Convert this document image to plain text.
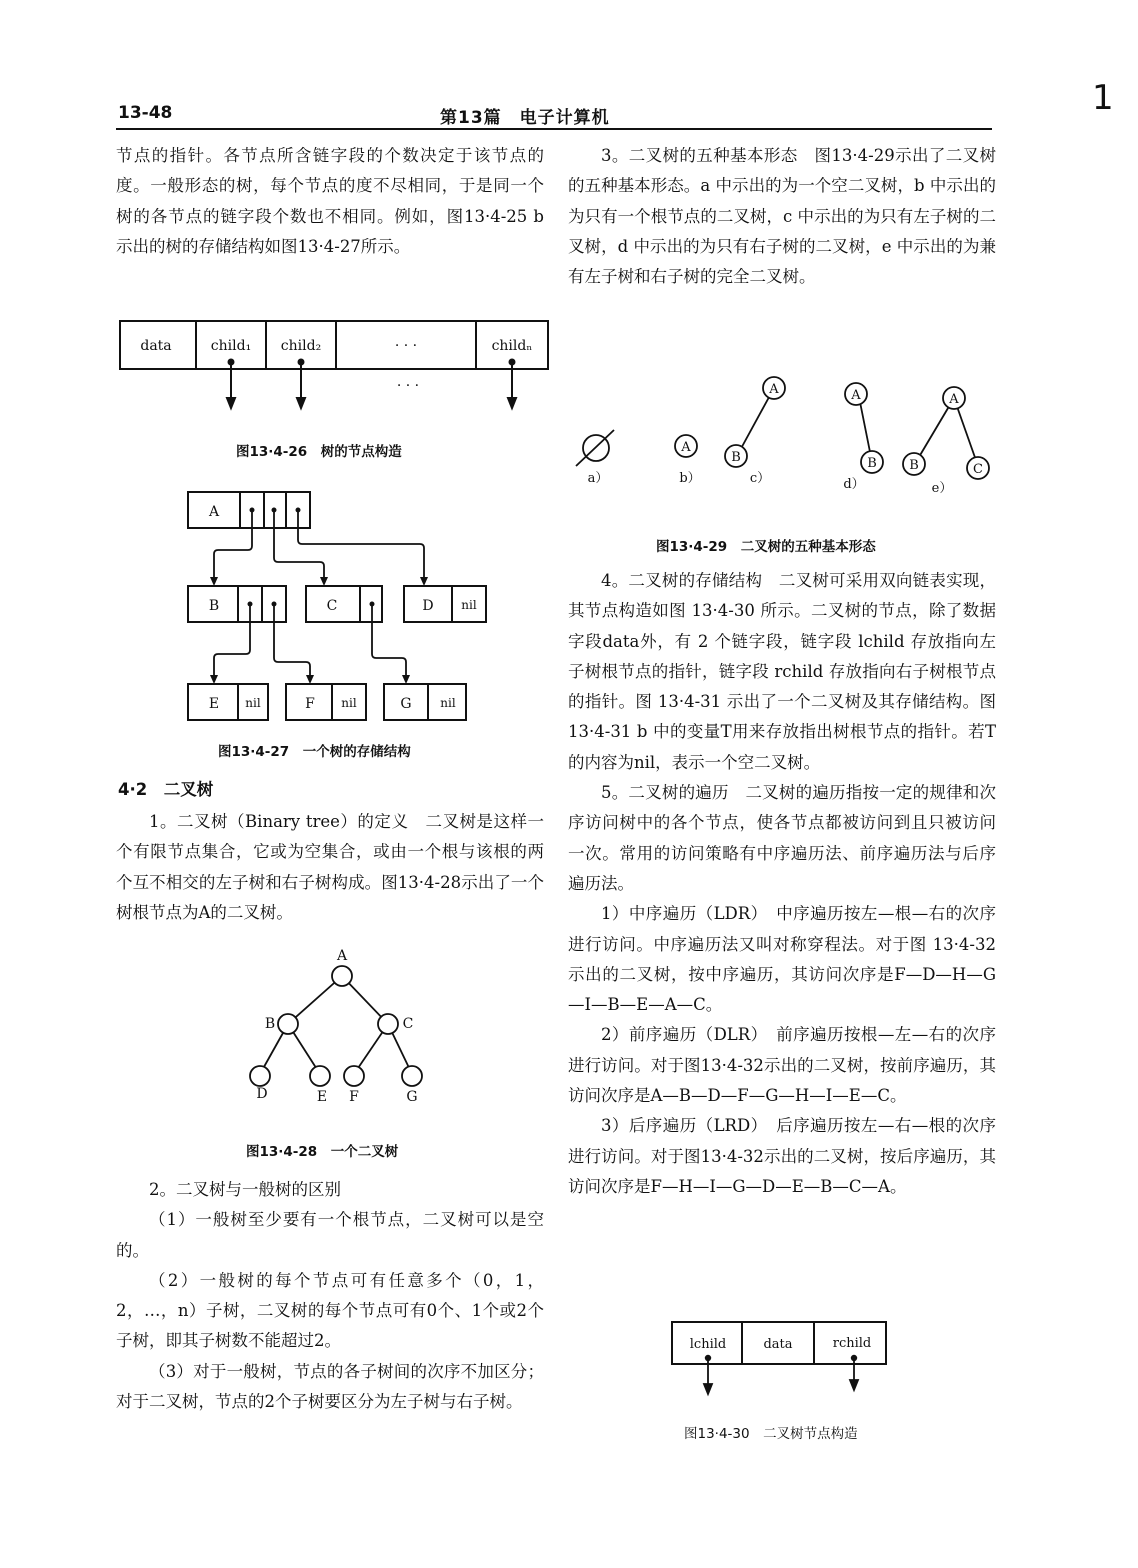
13-48	第13篇　电子计算机	1

节点的指针。各节点所含链字段的个数决定于该节点的度。一般形态的树，每个节点的度不尽相同，于是同一个树的各节点的链字段个数也不相同。例如，图13·4-25 b 示出的树的存储结构如图13·4-27所示。

data	child₁ child₂	· · ·	childₙ
· · ·
图13·4-26　树的节点构造
A
B	C	D nil
E nil	F nil	G nil
图13·4-27　一个树的存储结构
4·2　二叉树

1。二叉树（Binary tree）的定义　二叉树是这样一个有限节点集合，它或为空集合，或由一个根与该根的两个互不相交的左子树和右子树构成。图13·4-28示出了一个树根节点为A的二叉树。

A
B	C
D	E F	G
图13·4-28　一个二叉树

2。二叉树与一般树的区别

（1）一般树至少要有一个根节点，二叉树可以是空的。

（2）一般树的每个节点可有任意多个（0，1，2，…，n）子树，二叉树的每个节点可有0个、1个或2个子树，即其子树数不能超过2。

（3）对于一般树，节点的各子树间的次序不加区分；对于二叉树，节点的2个子树要区分为左子树与右子树。

3。二叉树的五种基本形态　图13·4-29示出了二叉树的五种基本形态。a 中示出的为一个空二叉树，b 中示出的为只有一个根节点的二叉树，c 中示出的为只有左子树的二叉树，d 中示出的为只有右子树的二叉树，e 中示出的为兼有左子树和右子树的完全二叉树。

A
A
B
A
B
A
B	C
a）	b）	c）	d）	e）
图13·4-29　二叉树的五种基本形态

4。二叉树的存储结构　二叉树可采用双向链表实现，其节点构造如图 13·4-30 所示。二叉树的节点，除了数据字段data外，有 2 个链字段，链字段 lchild 存放指向左子树根节点的指针，链字段 rchild 存放指向右子树根节点的指针。图 13·4-31 示出了一个二叉树及其存储结构。图 13·4-31 b 中的变量T用来存放指出树根节点的指针。若T的内容为nil，表示一个空二叉树。

5。二叉树的遍历　二叉树的遍历指按一定的规律和次序访问树中的各个节点，使各节点都被访问到且只被访问一次。常用的访问策略有中序遍历法、前序遍历法与后序遍历法。

1）中序遍历（LDR）　中序遍历按左—根—右的次序进行访问。中序遍历法又叫对称穿程法。对于图 13·4-32 示出的二叉树，按中序遍历，其访问次序是F—D—H—G—I—B—E—A—C。

2）前序遍历（DLR）　前序遍历按根—左—右的次序进行访问。对于图13·4-32示出的二叉树，按前序遍历，其访问次序是A—B—D—F—G—H—I—E—C。

3）后序遍历（LRD）　后序遍历按左—右—根的次序进行访问。对于图13·4-32示出的二叉树，按后序遍历，其访问次序是F—H—I—G—D—E—B—C—A。

lchild	data	rchild
图13·4-30　二叉树节点构造
